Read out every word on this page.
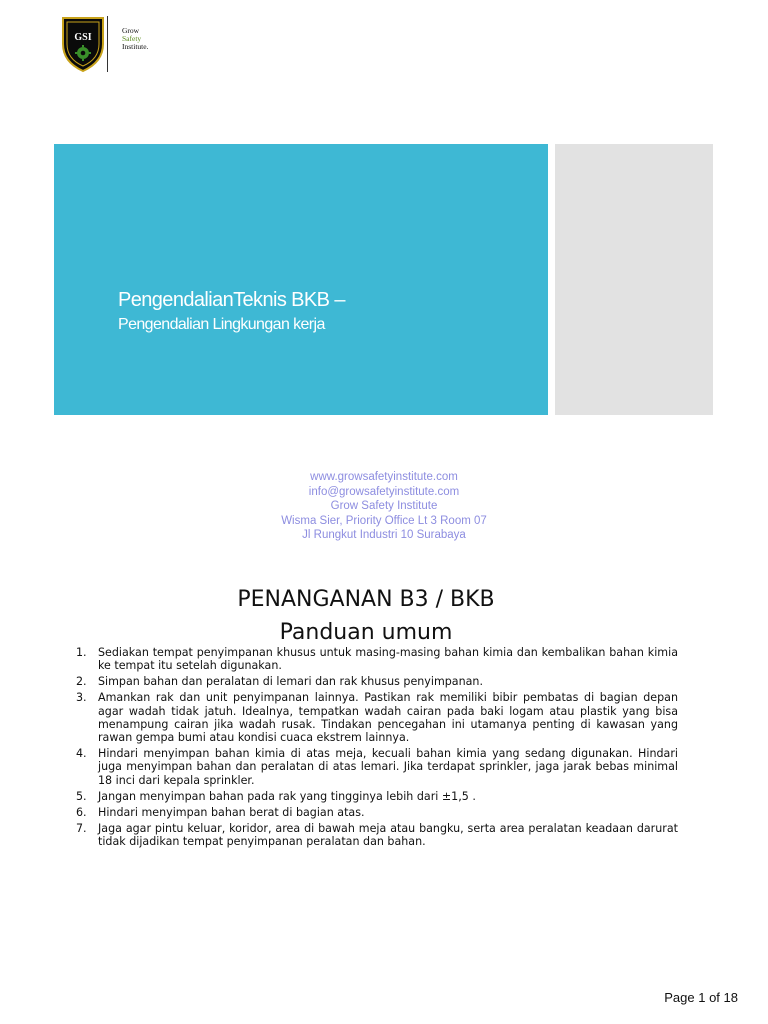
GSI
Grow
Safety
Institute.
PengendalianTeknis BKB –
Pengendalian Lingkungan kerja
www.growsafetyinstitute.com
info@growsafetyinstitute.com
Grow Safety Institute
Wisma Sier, Priority Office Lt 3 Room 07
Jl Rungkut Industri 10 Surabaya
PENANGANAN B3 / BKB
Panduan umum
1.	Sediakan tempat penyimpanan khusus untuk masing-masing bahan kimia dan kembalikan bahan kimia ke tempat itu setelah digunakan.
2.	Simpan bahan dan peralatan di lemari dan rak khusus penyimpanan.
3.	Amankan rak dan unit penyimpanan lainnya. Pastikan rak memiliki bibir pembatas di bagian depan agar wadah tidak jatuh. Idealnya, tempatkan wadah cairan pada baki logam atau plastik yang bisa menampung cairan jika wadah rusak. Tindakan pencegahan ini utamanya penting di kawasan yang rawan gempa bumi atau kondisi cuaca ekstrem lainnya.
4.	Hindari menyimpan bahan kimia di atas meja, kecuali bahan kimia yang sedang digunakan. Hindari juga menyimpan bahan dan peralatan di atas lemari. Jika terdapat sprinkler, jaga jarak bebas minimal 18 inci dari kepala sprinkler.
5.	Jangan menyimpan bahan pada rak yang tingginya lebih dari ±1,5 .
6.	Hindari menyimpan bahan berat di bagian atas.
7.	Jaga agar pintu keluar, koridor, area di bawah meja atau bangku, serta area peralatan keadaan darurat tidak dijadikan tempat penyimpanan peralatan dan bahan.
Page 1 of 18
